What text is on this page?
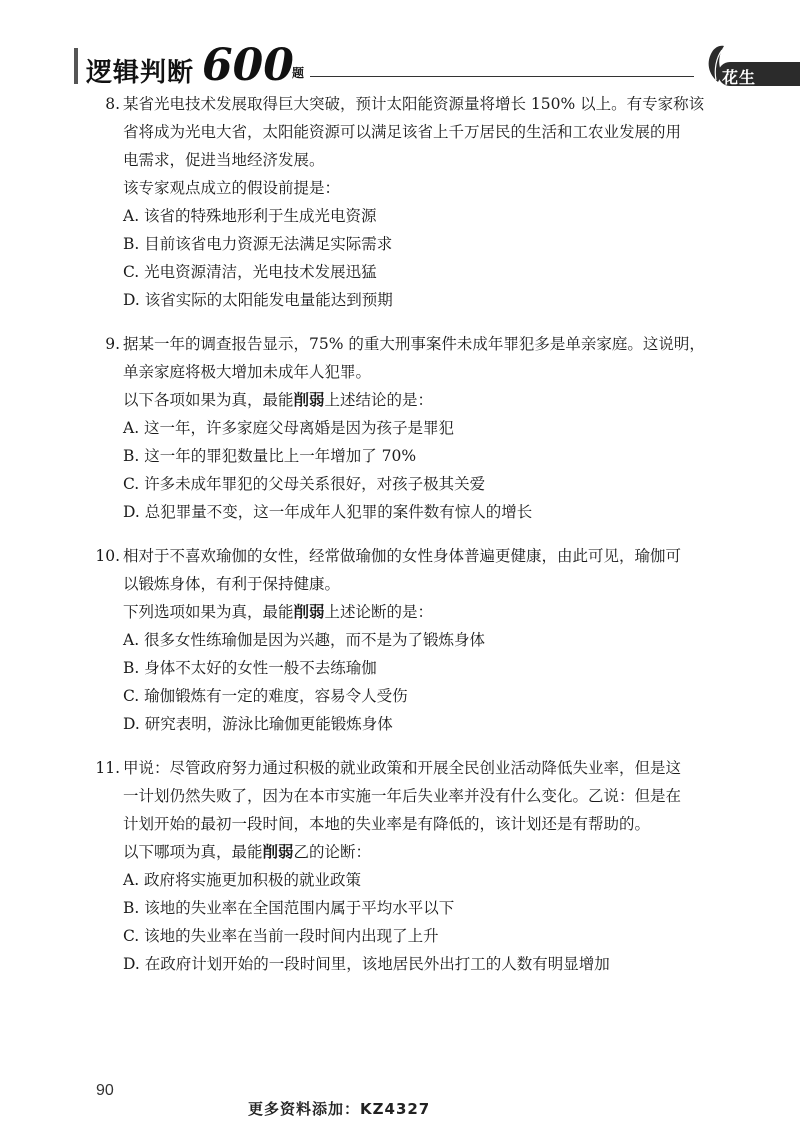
逻辑判断 600
题	花生十三
8. 某省光电技术发展取得巨大突破，预计太阳能资源量将增长 150% 以上。有专家称该
省将成为光电大省，太阳能资源可以满足该省上千万居民的生活和工农业发展的用
电需求，促进当地经济发展。
该专家观点成立的假设前提是：
A. 该省的特殊地形利于生成光电资源
B. 目前该省电力资源无法满足实际需求
C. 光电资源清洁，光电技术发展迅猛
D. 该省实际的太阳能发电量能达到预期
9. 据某一年的调查报告显示，75% 的重大刑事案件未成年罪犯多是单亲家庭。这说明，
单亲家庭将极大增加未成年人犯罪。
以下各项如果为真，最能削弱上述结论的是：
A. 这一年，许多家庭父母离婚是因为孩子是罪犯
B. 这一年的罪犯数量比上一年增加了 70%
C. 许多未成年罪犯的父母关系很好，对孩子极其关爱
D. 总犯罪量不变，这一年成年人犯罪的案件数有惊人的增长
10. 相对于不喜欢瑜伽的女性，经常做瑜伽的女性身体普遍更健康，由此可见，瑜伽可
以锻炼身体，有利于保持健康。
下列选项如果为真，最能削弱上述论断的是：
A. 很多女性练瑜伽是因为兴趣，而不是为了锻炼身体
B. 身体不太好的女性一般不去练瑜伽
C. 瑜伽锻炼有一定的难度，容易令人受伤
D. 研究表明，游泳比瑜伽更能锻炼身体
11. 甲说：尽管政府努力通过积极的就业政策和开展全民创业活动降低失业率，但是这
一计划仍然失败了，因为在本市实施一年后失业率并没有什么变化。乙说：但是在
计划开始的最初一段时间，本地的失业率是有降低的，该计划还是有帮助的。
以下哪项为真，最能削弱乙的论断：
A. 政府将实施更加积极的就业政策
B. 该地的失业率在全国范围内属于平均水平以下
C. 该地的失业率在当前一段时间内出现了上升
D. 在政府计划开始的一段时间里，该地居民外出打工的人数有明显增加
90
更多资料添加：KZ4327
